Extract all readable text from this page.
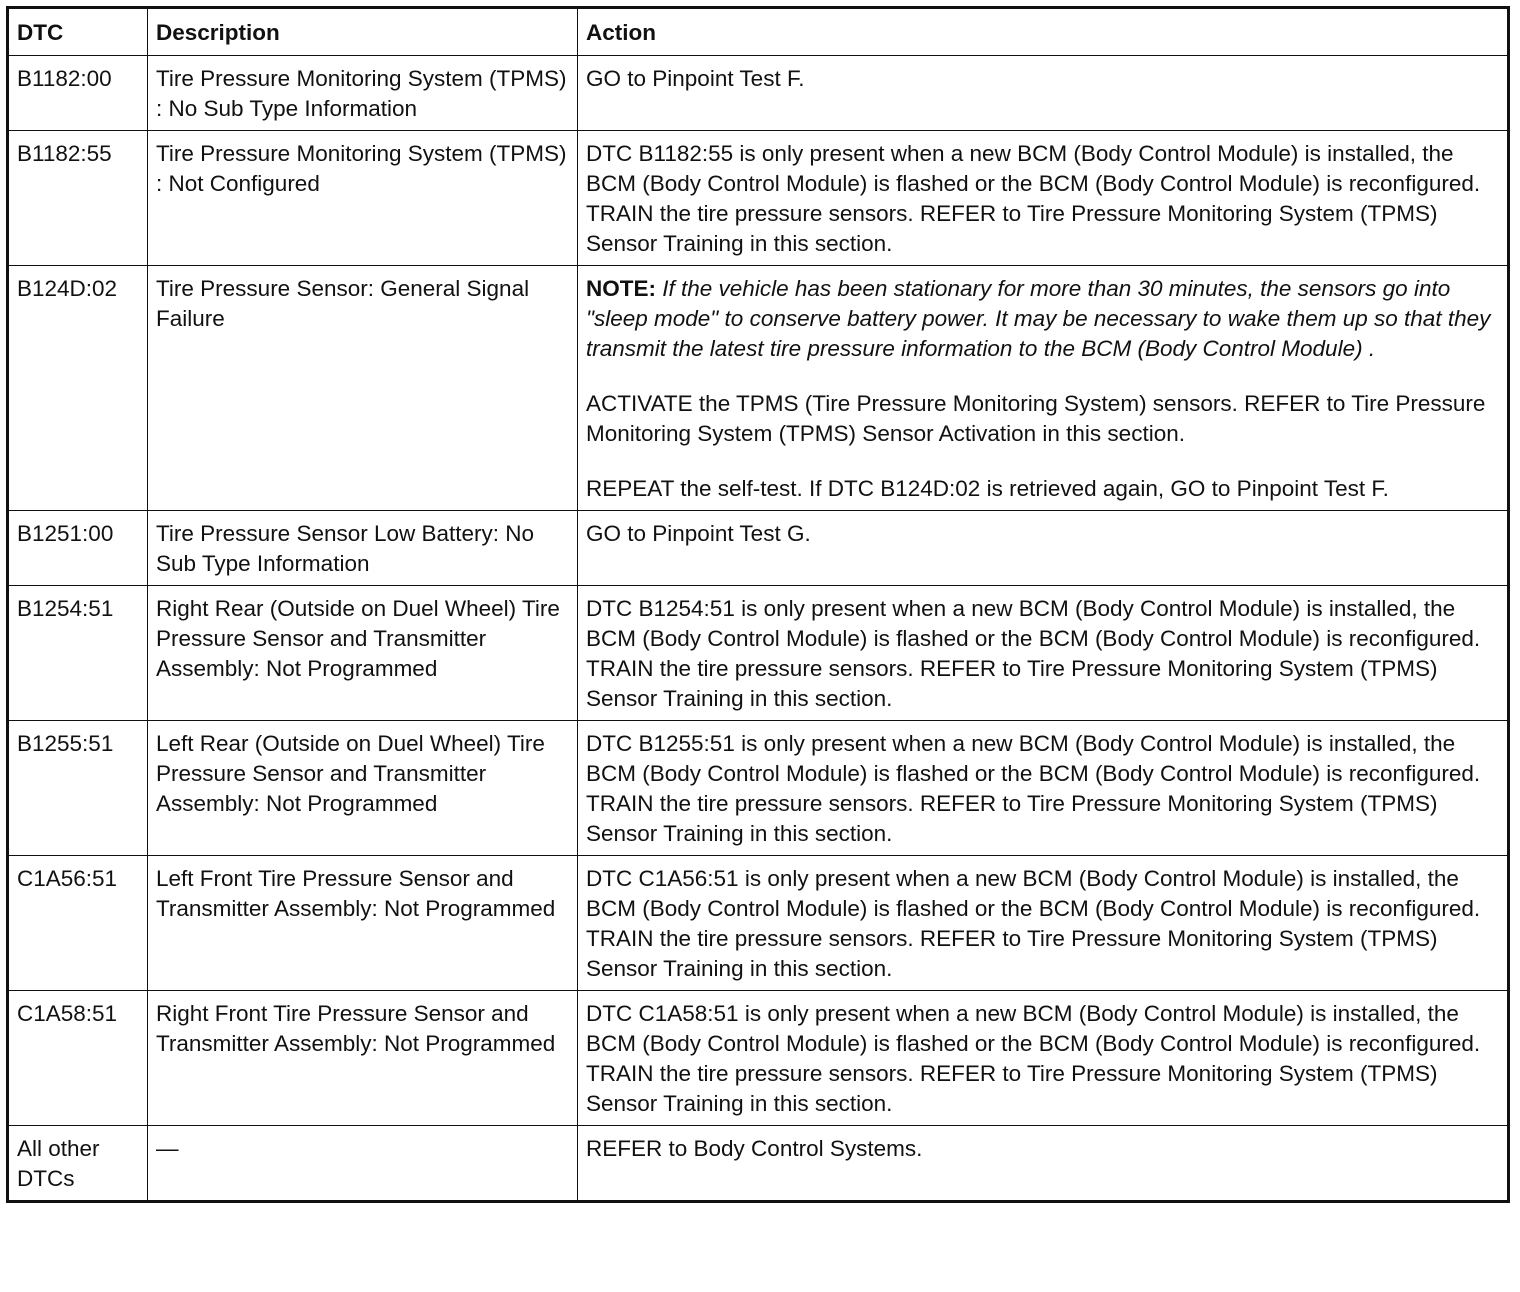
DTC	Description	Action
B1182:00	Tire Pressure Monitoring System (TPMS) : No Sub Type Information	GO to Pinpoint Test F.

B1182:55	Tire Pressure Monitoring System (TPMS) : Not Configured	DTC B1182:55 is only present when a new BCM (Body Control Module) is installed, the BCM (Body Control Module) is flashed or the BCM (Body Control Module) is reconfigured. TRAIN the tire pressure sensors. REFER to Tire Pressure Monitoring System (TPMS) Sensor Training in this section.

B124D:02	Tire Pressure Sensor: General Signal Failure	NOTE: If the vehicle has been stationary for more than 30 minutes, the sensors go into "sleep mode" to conserve battery power. It may be necessary to wake them up so that they transmit the latest tire pressure information to the BCM (Body Control Module) .

ACTIVATE the TPMS (Tire Pressure Monitoring System) sensors. REFER to Tire Pressure Monitoring System (TPMS) Sensor Activation in this section.

REPEAT the self-test. If DTC B124D:02 is retrieved again, GO to Pinpoint Test F.

B1251:00	Tire Pressure Sensor Low Battery: No Sub Type Information	GO to Pinpoint Test G.

B1254:51	Right Rear (Outside on Duel Wheel) Tire Pressure Sensor and Transmitter Assembly: Not Programmed	DTC B1254:51 is only present when a new BCM (Body Control Module) is installed, the BCM (Body Control Module) is flashed or the BCM (Body Control Module) is reconfigured. TRAIN the tire pressure sensors. REFER to Tire Pressure Monitoring System (TPMS) Sensor Training in this section.

B1255:51	Left Rear (Outside on Duel Wheel) Tire Pressure Sensor and Transmitter Assembly: Not Programmed	DTC B1255:51 is only present when a new BCM (Body Control Module) is installed, the BCM (Body Control Module) is flashed or the BCM (Body Control Module) is reconfigured. TRAIN the tire pressure sensors. REFER to Tire Pressure Monitoring System (TPMS) Sensor Training in this section.

C1A56:51	Left Front Tire Pressure Sensor and Transmitter Assembly: Not Programmed	DTC C1A56:51 is only present when a new BCM (Body Control Module) is installed, the BCM (Body Control Module) is flashed or the BCM (Body Control Module) is reconfigured. TRAIN the tire pressure sensors. REFER to Tire Pressure Monitoring System (TPMS) Sensor Training in this section.

C1A58:51	Right Front Tire Pressure Sensor and Transmitter Assembly: Not Programmed	DTC C1A58:51 is only present when a new BCM (Body Control Module) is installed, the BCM (Body Control Module) is flashed or the BCM (Body Control Module) is reconfigured. TRAIN the tire pressure sensors. REFER to Tire Pressure Monitoring System (TPMS) Sensor Training in this section.

All other DTCs	—	REFER to Body Control Systems.
